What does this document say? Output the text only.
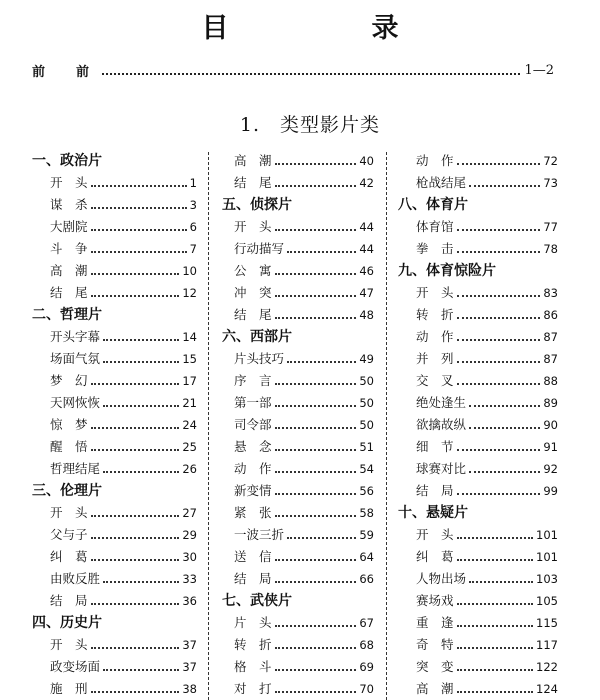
目　录
前　前	1—2
1.　类型影片类
一、政治片
开　头	1
谋　杀	3
大剧院	6
斗　争	7
高　潮	10
结　尾	12
二、哲理片
开头字幕	14
场面气氛	15
梦　幻	17
天网恢恢	21
惊　梦	24
醒　悟	25
哲理结尾	26
三、伦理片
开　头	27
父与子	29
纠　葛	30
由败反胜	33
结　局	36
四、历史片
开　头	37
政变场面	37
施　刑	38
高　潮	40
结　尾	42
五、侦探片
开　头	44
行动描写	44
公　寓	46
冲　突	47
结　尾	48
六、西部片
片头技巧	49
序　言	50
第一部	50
司令部	50
悬　念	51
动　作	54
新变情	56
紧　张	58
一波三折	59
送　信	64
结　局	66
七、武侠片
片　头	67
转　折	68
格　斗	69
对　打	70
动　作	72
枪战结尾	73
八、体育片
体育馆	77
拳　击	78
九、体育惊险片
开　头	83
转　折	86
动　作	87
并　列	87
交　叉	88
绝处逢生	89
欲擒故纵	90
细　节	91
球赛对比	92
结　局	99
十、悬疑片
开　头	101
纠　葛	101
人物出场	103
赛场戏	105
重　逢	115
奇　特	117
突　变	122
高　潮	124
